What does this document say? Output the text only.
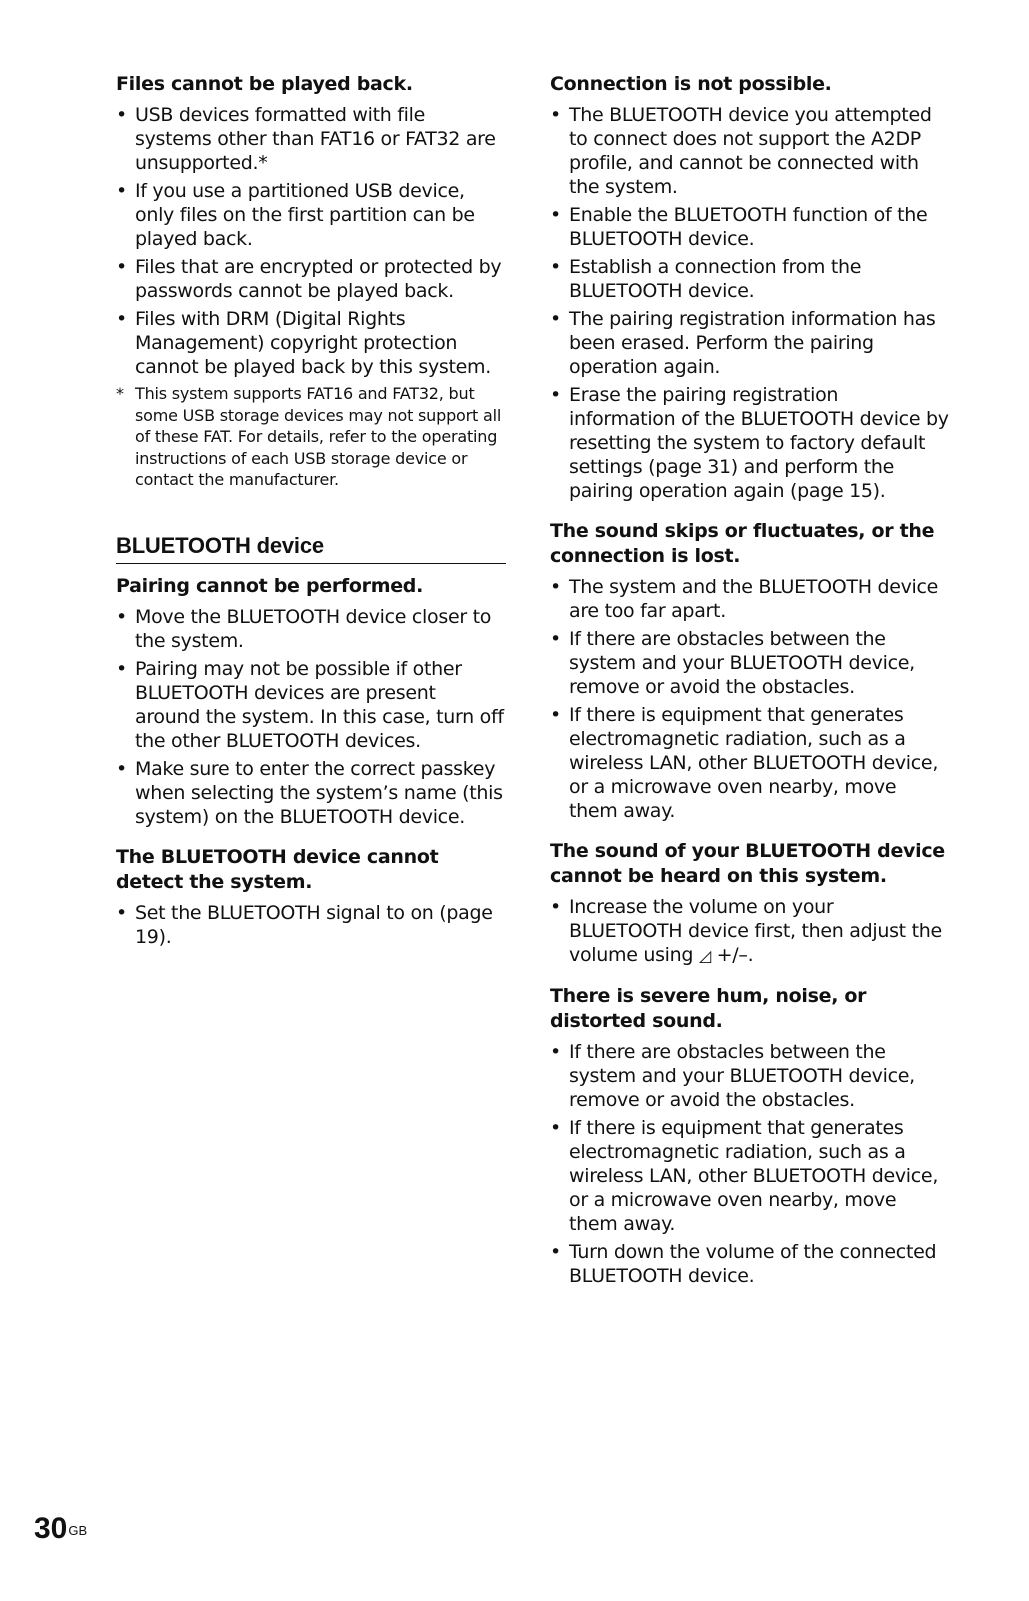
Files cannot be played back.
• USB devices formatted with file systems other than FAT16 or FAT32 are unsupported.*
• If you use a partitioned USB device, only files on the first partition can be played back.
• Files that are encrypted or protected by passwords cannot be played back.
• Files with DRM (Digital Rights Management) copyright protection cannot be played back by this system.
* This system supports FAT16 and FAT32, but some USB storage devices may not support all of these FAT. For details, refer to the operating instructions of each USB storage device or contact the manufacturer.
BLUETOOTH device
Pairing cannot be performed.
• Move the BLUETOOTH device closer to the system.
• Pairing may not be possible if other BLUETOOTH devices are present around the system. In this case, turn off the other BLUETOOTH devices.
• Make sure to enter the correct passkey when selecting the system’s name (this system) on the BLUETOOTH device.
The BLUETOOTH device cannot detect the system.
• Set the BLUETOOTH signal to on (page 19).
Connection is not possible.
• The BLUETOOTH device you attempted to connect does not support the A2DP profile, and cannot be connected with the system.
• Enable the BLUETOOTH function of the BLUETOOTH device.
• Establish a connection from the BLUETOOTH device.
• The pairing registration information has been erased. Perform the pairing operation again.
• Erase the pairing registration information of the BLUETOOTH device by resetting the system to factory default settings (page 31) and perform the pairing operation again (page 15).
The sound skips or fluctuates, or the connection is lost.
• The system and the BLUETOOTH device are too far apart.
• If there are obstacles between the system and your BLUETOOTH device, remove or avoid the obstacles.
• If there is equipment that generates electromagnetic radiation, such as a wireless LAN, other BLUETOOTH device, or a microwave oven nearby, move them away.
The sound of your BLUETOOTH device cannot be heard on this system.
• Increase the volume on your BLUETOOTH device first, then adjust the volume using ◿ +/–.
There is severe hum, noise, or distorted sound.
• If there are obstacles between the system and your BLUETOOTH device, remove or avoid the obstacles.
• If there is equipment that generates electromagnetic radiation, such as a wireless LAN, other BLUETOOTH device, or a microwave oven nearby, move them away.
• Turn down the volume of the connected BLUETOOTH device.
$30^{GB}$
